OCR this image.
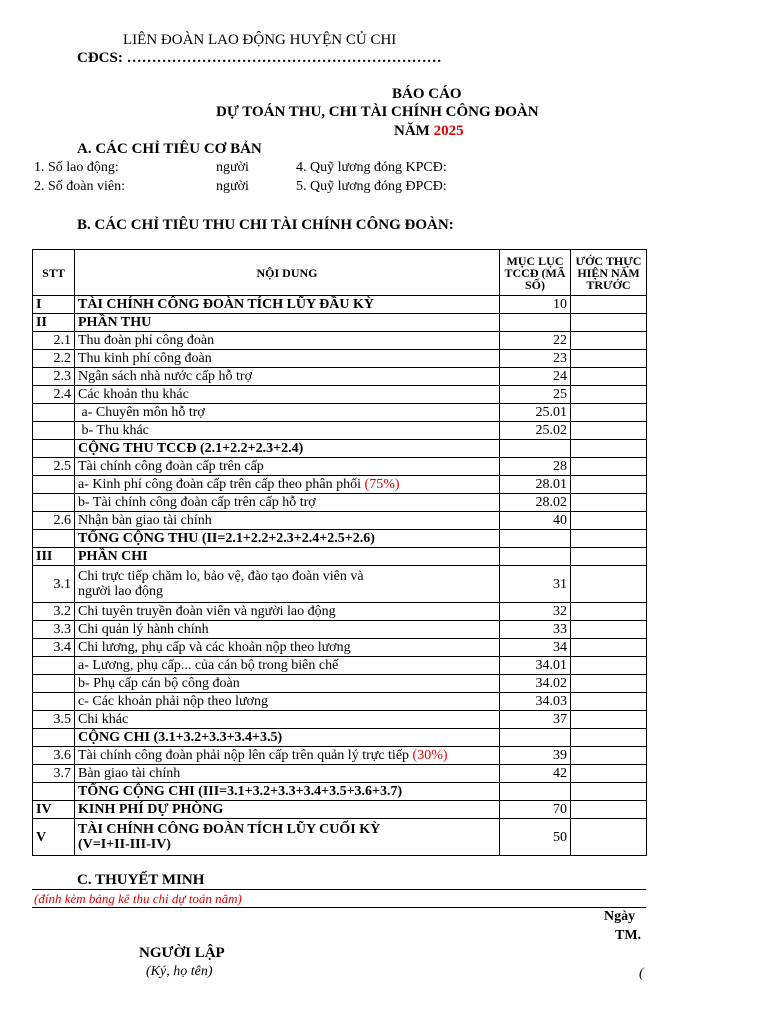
LIÊN ĐOÀN LAO ĐỘNG HUYỆN CỦ CHI
CĐCS: ………………………………………………………
BÁO CÁO
DỰ TOÁN THU, CHI TÀI CHÍNH CÔNG ĐOÀN
NĂM 2025
A. CÁC CHỈ TIÊU CƠ BẢN
1. Số lao động:	người	4. Quỹ lương đóng KPCĐ:
2. Số đoàn viên:	người	5. Quỹ lương đóng ĐPCĐ:
B. CÁC CHỈ TIÊU THU CHI TÀI CHÍNH CÔNG ĐOÀN:
STT	NỘI DUNG	MỤC LỤC TCCĐ (MÃ SỐ)	ƯỚC THỰC HIỆN NĂM TRƯỚC
I	TÀI CHÍNH CÔNG ĐOÀN TÍCH LŨY ĐẦU KỲ	10	
II	PHẦN THU		
2.1	Thu đoàn phí công đoàn	22	
2.2	Thu kinh phí công đoàn	23	
2.3	Ngân sách nhà nước cấp hỗ trợ	24	
2.4	Các khoản thu khác	25	
	a- Chuyên môn hỗ trợ	25.01	
	b- Thu khác	25.02	
	CỘNG THU TCCĐ (2.1+2.2+2.3+2.4)		
2.5	Tài chính công đoàn cấp trên cấp	28	
	a- Kinh phí công đoàn cấp trên cấp theo phân phối (75%)	28.01	
	b- Tài chính công đoàn cấp trên cấp hỗ trợ	28.02	
2.6	Nhận bàn giao tài chính	40	
	TỔNG CỘNG THU (II=2.1+2.2+2.3+2.4+2.5+2.6)		
III	PHẦN CHI		
3.1	Chi trực tiếp chăm lo, bảo vệ, đào tạo đoàn viên và
người lao động	31	
3.2	Chi tuyên truyền đoàn viên và người lao động	32	
3.3	Chi quản lý hành chính	33	
3.4	Chi lương, phụ cấp và các khoản nộp theo lương	34	
	a- Lương, phụ cấp... của cán bộ trong biên chế	34.01	
	b- Phụ cấp cán bộ công đoàn	34.02	
	c- Các khoản phải nộp theo lương	34.03	
3.5	Chi khác	37	
	CỘNG CHI (3.1+3.2+3.3+3.4+3.5)		
3.6	Tài chính công đoàn phải nộp lên cấp trên quản lý trực tiếp (30%)	39	
3.7	Bàn giao tài chính	42	
	TỔNG CỘNG CHI (III=3.1+3.2+3.3+3.4+3.5+3.6+3.7)		
IV	KINH PHÍ DỰ PHÒNG	70	
V	TÀI CHÍNH CÔNG ĐOÀN TÍCH LŨY CUỐI KỲ
(V=I+II-III-IV)	50	
C. THUYẾT MINH
(đính kèm bảng kê thu chi dự toán năm)
Ngày
TM.
NGƯỜI LẬP
(Ký, họ tên)	(
